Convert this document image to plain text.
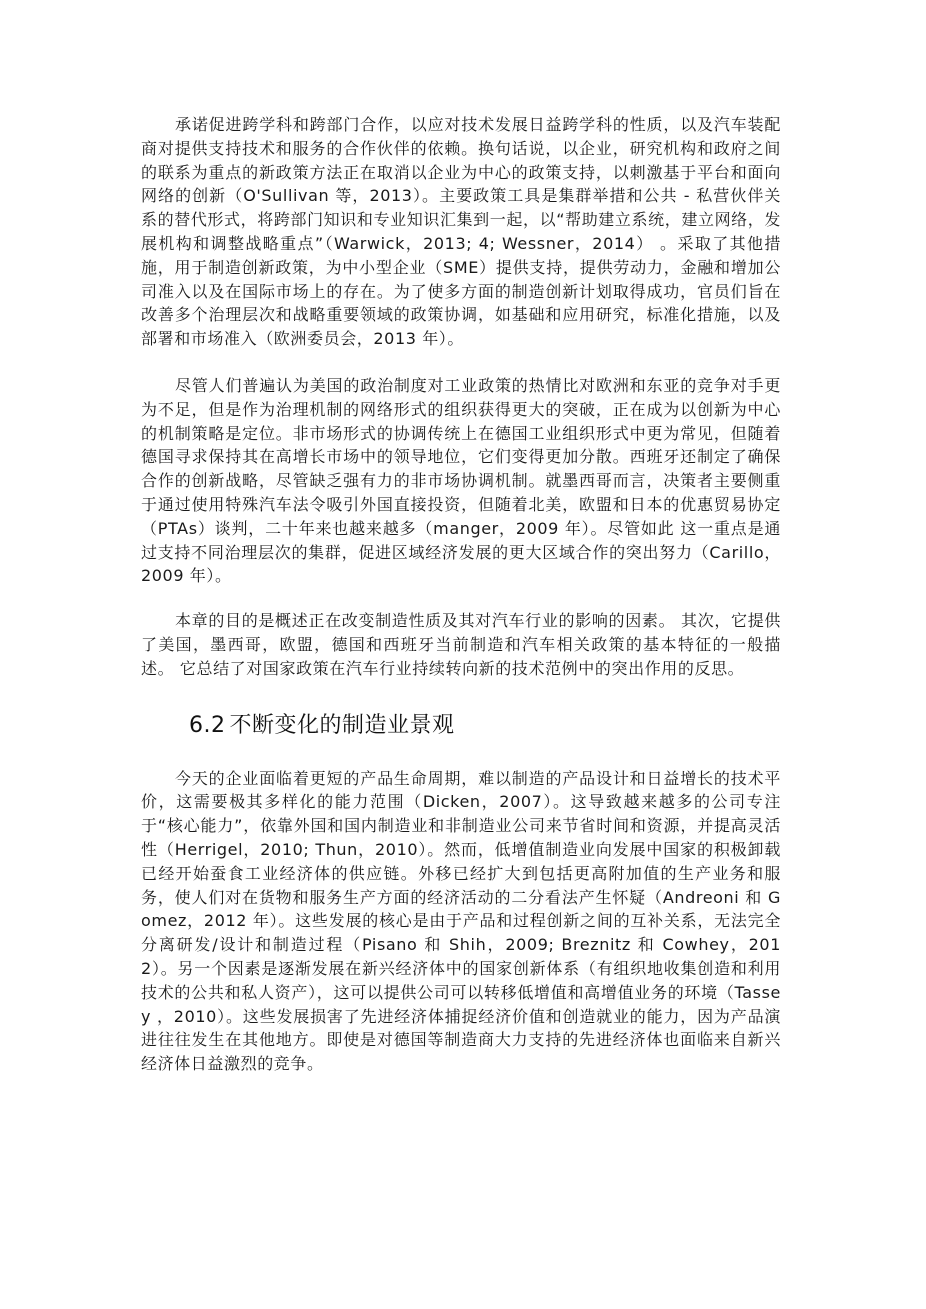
承诺促进跨学科和跨部门合作，以应对技术发展日益跨学科的性质，以及汽车装配商对提供支持技术和服务的合作伙伴的依赖。换句话说，以企业，研究机构和政府之间的联系为重点的新政策方法正在取消以企业为中心的政策支持，以刺激基于平台和面向网络的创新（O'Sullivan 等，2013）。主要政策工具是集群举措和公共 - 私营伙伴关系的替代形式，将跨部门知识和专业知识汇集到一起，以“帮助建立系统，建立网络，发展机构和调整战略重点”（Warwick，2013; 4; Wessner，2014） 。采取了其他措施，用于制造创新政策，为中小型企业（SME）提供支持，提供劳动力，金融和增加公司准入以及在国际市场上的存在。为了使多方面的制造创新计划取得成功，官员们旨在改善多个治理层次和战略重要领域的政策协调，如基础和应用研究，标准化措施，以及部署和市场准入（欧洲委员会，2013 年）。

尽管人们普遍认为美国的政治制度对工业政策的热情比对欧洲和东亚的竞争对手更为不足，但是作为治理机制的网络形式的组织获得更大的突破，正在成为以创新为中心的机制策略是定位。非市场形式的协调传统上在德国工业组织形式中更为常见，但随着德国寻求保持其在高增长市场中的领导地位，它们变得更加分散。西班牙还制定了确保合作的创新战略，尽管缺乏强有力的非市场协调机制。就墨西哥而言，决策者主要侧重于通过使用特殊汽车法令吸引外国直接投资，但随着北美，欧盟和日本的优惠贸易协定（PTAs）谈判，二十年来也越来越多（manger，2009 年）。尽管如此 这一重点是通过支持不同治理层次的集群，促进区域经济发展的更大区域合作的突出努力（Carillo，2009 年）。

本章的目的是概述正在改变制造性质及其对汽车行业的影响的因素。 其次，它提供了美国，墨西哥，欧盟，德国和西班牙当前制造和汽车相关政策的基本特征的一般描述。 它总结了对国家政策在汽车行业持续转向新的技术范例中的突出作用的反思。

6.2 不断变化的制造业景观

今天的企业面临着更短的产品生命周期，难以制造的产品设计和日益增长的技术平价，这需要极其多样化的能力范围（Dicken，2007）。这导致越来越多的公司专注于“核心能力”，依靠外国和国内制造业和非制造业公司来节省时间和资源，并提高灵活性（Herrigel，2010; Thun，2010）。然而，低增值制造业向发展中国家的积极卸载已经开始蚕食工业经济体的供应链。外移已经扩大到包括更高附加值的生产业务和服务，使人们对在货物和服务生产方面的经济活动的二分看法产生怀疑（Andreoni 和 Gomez，2012 年）。这些发展的核心是由于产品和过程创新之间的互补关系，无法完全分离研发/设计和制造过程（Pisano 和 Shih，2009; Breznitz 和 Cowhey，2012）。另一个因素是逐渐发展在新兴经济体中的国家创新体系（有组织地收集创造和利用技术的公共和私人资产），这可以提供公司可以转移低增值和高增值业务的环境（Tassey ，2010）。这些发展损害了先进经济体捕捉经济价值和创造就业的能力，因为产品演进往往发生在其他地方。即使是对德国等制造商大力支持的先进经济体也面临来自新兴经济体日益激烈的竞争。
